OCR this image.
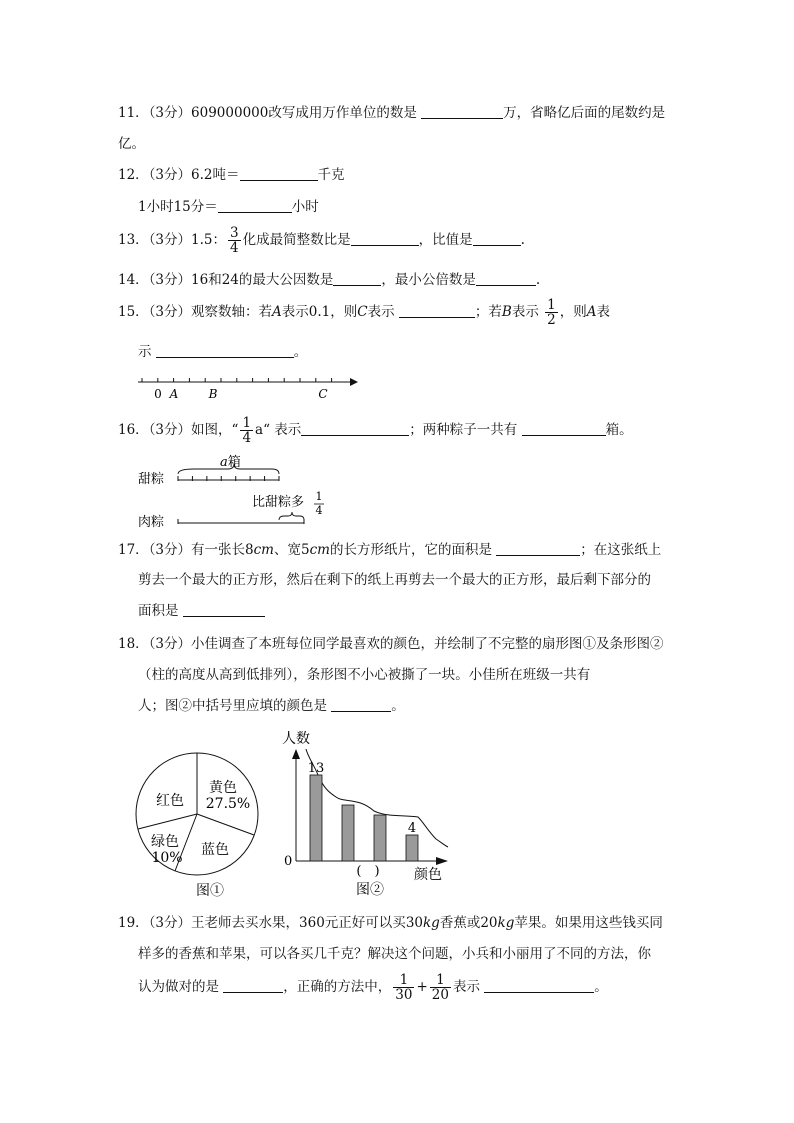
11．（3分）609000000改写成用万作单位的数是	万，省略亿后面的尾数约是
亿。
12．（3分）6.2吨＝	千克
1小时15分＝	小时
13．（3分）1.5： $\frac{3}{4}$ 化成最简整数比是	，比值是	.
14．（3分）16和24的最大公因数是	，最小公倍数是	.
15．（3分）观察数轴：若A表示0.1，则C表示	；若B表示 $\frac{1}{2}$ ，则A表
示	。
0 A	B	C
16．（3分）如图，“ $\frac{1}{4}$ a“ 表示	；两种粽子一共有	箱。
甜粽
肉粽
a箱
比甜粽多 1
4
17．（3分）有一张长8cm、宽5cm的长方形纸片，它的面积是	；在这张纸上
剪去一个最大的正方形，然后在剩下的纸上再剪去一个最大的正方形，最后剩下部分的
面积是
18．（3分）小佳调查了本班每位同学最喜欢的颜色，并绘制了不完整的扇形图①及条形图②
（柱的高度从高到低排列），条形图不小心被撕了一块。小佳所在班级一共有
人；图②中括号里应填的颜色是	。
黄色
27.5%
蓝色
绿色
10%
红色
图①
人数
0
13
4
(　) 颜色
图②
19．（3分）王老师去买水果，360元正好可以买30kg香蕉或20kg苹果。如果用这些钱买同
样多的香蕉和苹果，可以各买几千克？解决这个问题，小兵和小丽用了不同的方法，你
认为做对的是	，正确的方法中， $\frac{1}{30} + \frac{1}{20}$ 表示	。
